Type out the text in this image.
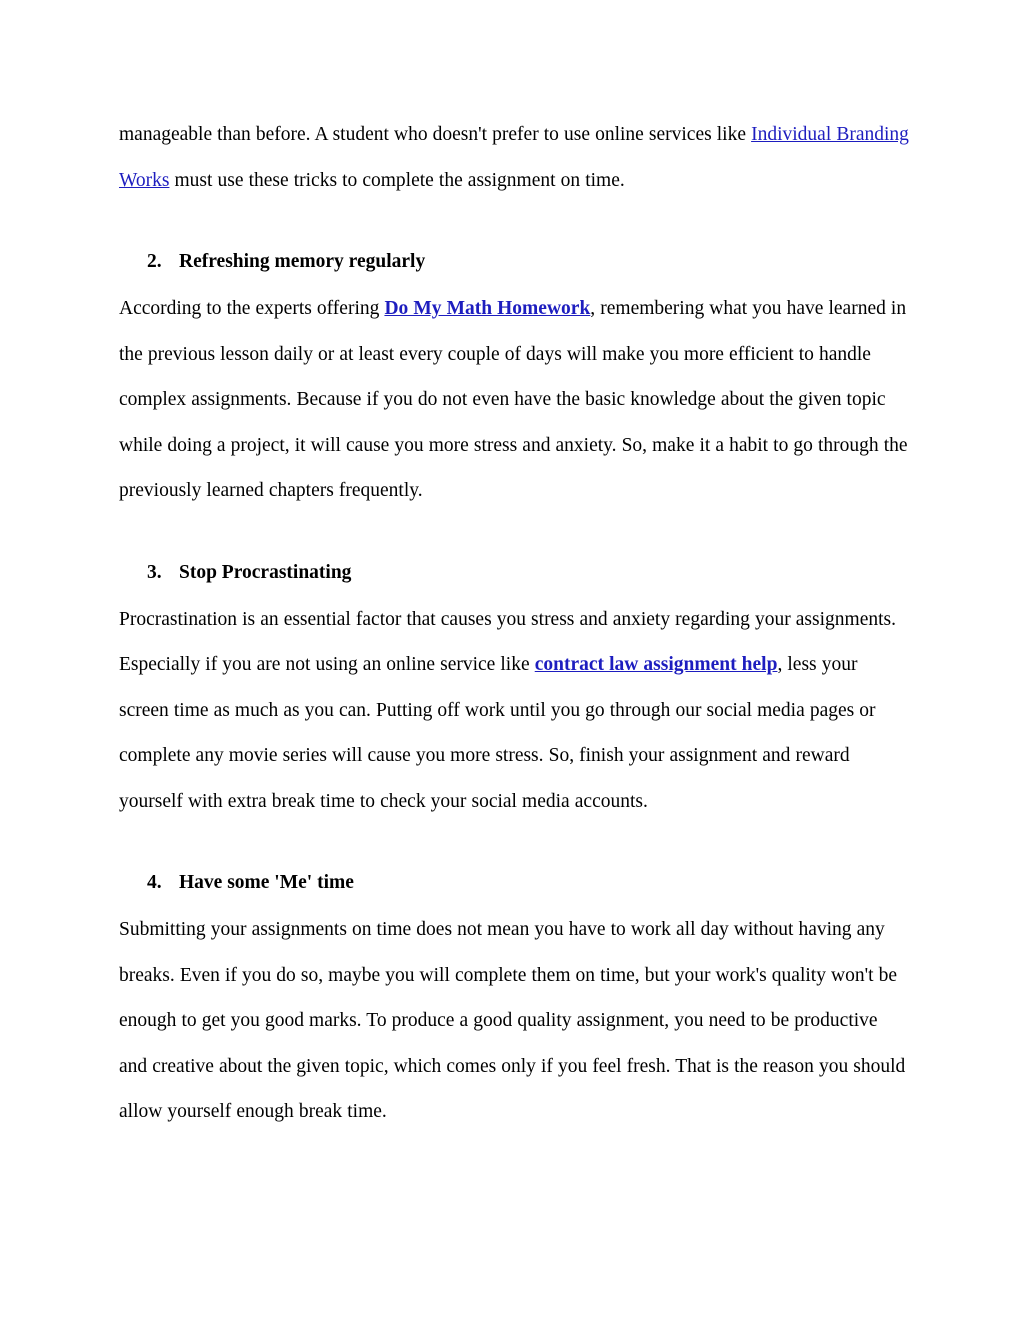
manageable than before. A student who doesn't prefer to use online services like Individual Branding Works must use these tricks to complete the assignment on time.

2. Refreshing memory regularly

According to the experts offering Do My Math Homework, remembering what you have learned in the previous lesson daily or at least every couple of days will make you more efficient to handle complex assignments. Because if you do not even have the basic knowledge about the given topic while doing a project, it will cause you more stress and anxiety. So, make it a habit to go through the previously learned chapters frequently.

3. Stop Procrastinating

Procrastination is an essential factor that causes you stress and anxiety regarding your assignments. Especially if you are not using an online service like contract law assignment help, less your screen time as much as you can. Putting off work until you go through our social media pages or complete any movie series will cause you more stress. So, finish your assignment and reward yourself with extra break time to check your social media accounts.

4. Have some 'Me' time

Submitting your assignments on time does not mean you have to work all day without having any breaks. Even if you do so, maybe you will complete them on time, but your work's quality won't be enough to get you good marks. To produce a good quality assignment, you need to be productive and creative about the given topic, which comes only if you feel fresh. That is the reason you should allow yourself enough break time.
